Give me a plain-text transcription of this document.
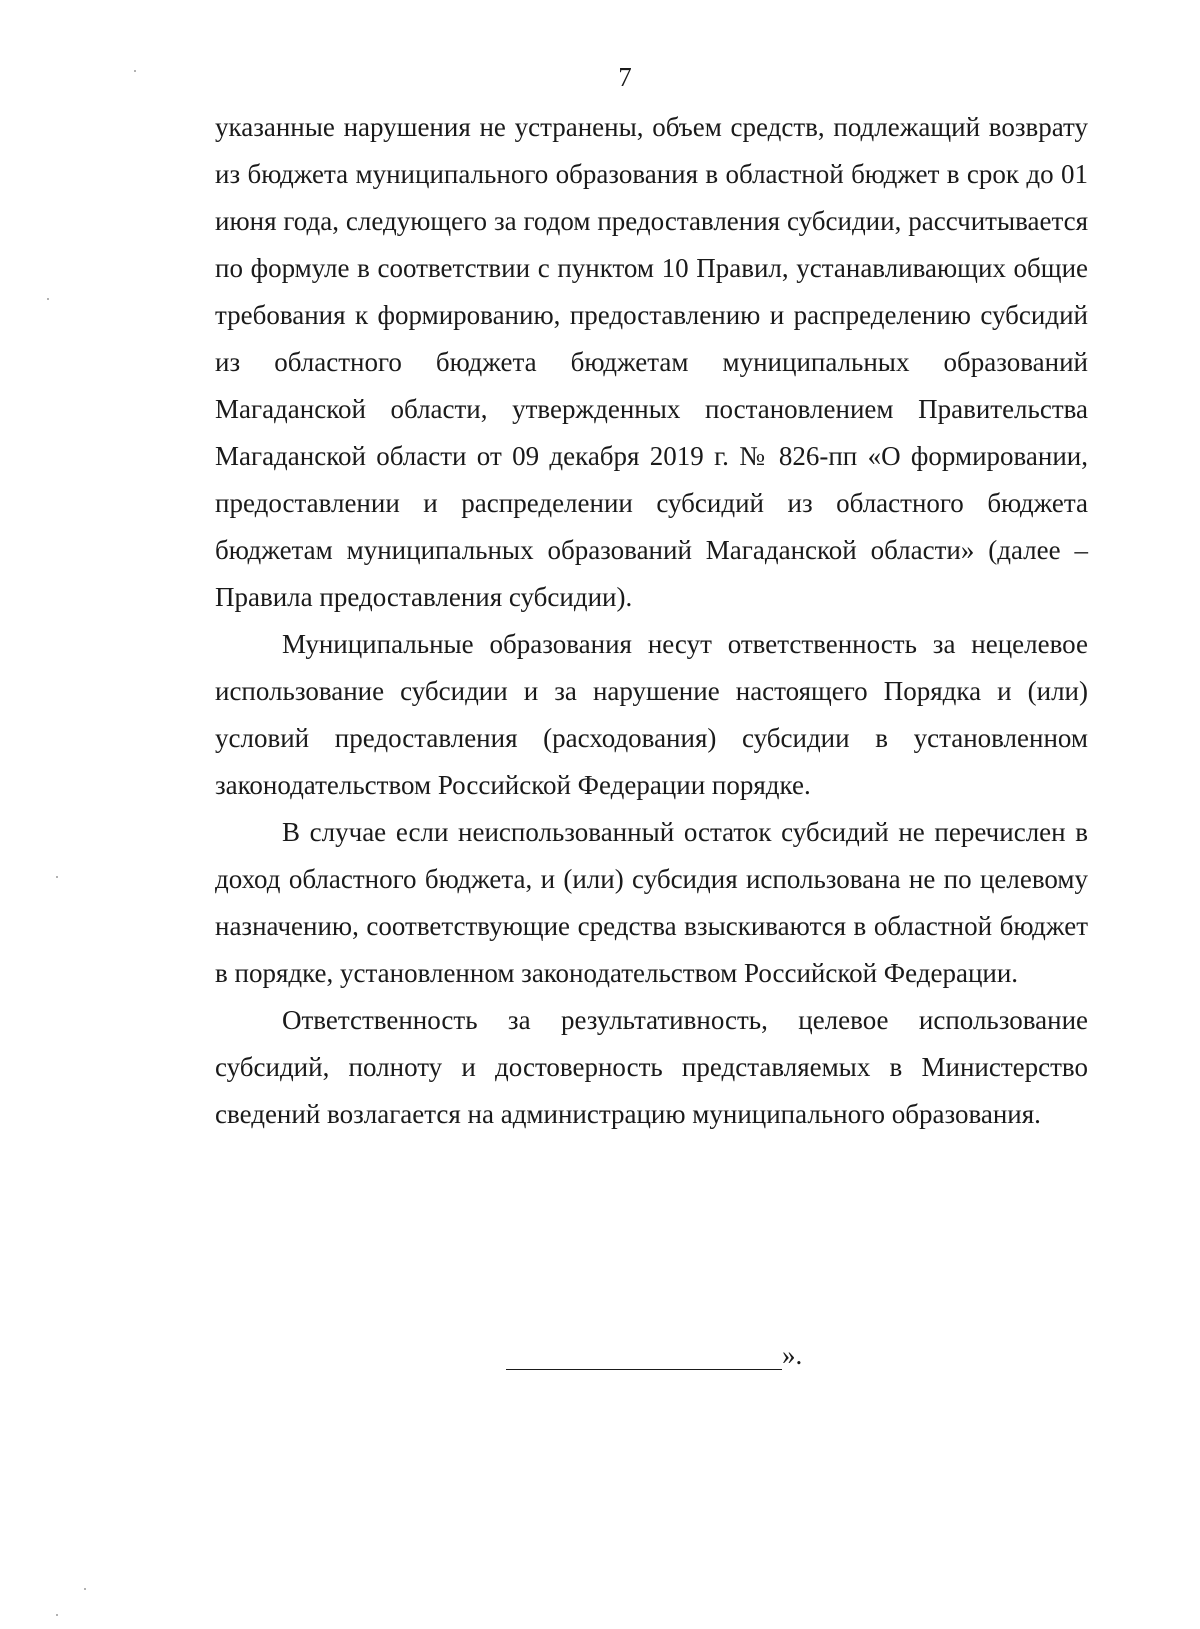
7

указанные нарушения не устранены, объем средств, подлежащий возврату из бюджета муниципального образования в областной бюджет в срок до 01 июня года, следующего за годом предоставления субсидии, рассчитывается по формуле в соответствии с пунктом 10 Правил, устанавливающих общие требования к формированию, предоставлению и распределению субсидий из областного бюджета бюджетам муниципальных образований Магаданской области, утвержденных постановлением Правительства Магаданской области от 09 декабря 2019 г. № 826-пп «О формировании, предоставлении и распределении субсидий из областного бюджета бюджетам муниципальных образований Магаданской области» (далее – Правила предоставления субсидии).

Муниципальные образования несут ответственность за нецелевое использование субсидии и за нарушение настоящего Порядка и (или) условий предоставления (расходования) субсидии в установленном законодательством Российской Федерации порядке.

В случае если неиспользованный остаток субсидий не перечислен в доход областного бюджета, и (или) субсидия использована не по целевому назначению, соответствующие средства взыскиваются в областной бюджет в порядке, установленном законодательством Российской Федерации.

Ответственность за результативность, целевое использование субсидий, полноту и достоверность представляемых в Министерство сведений возлагается на администрацию муниципального образования.

».
